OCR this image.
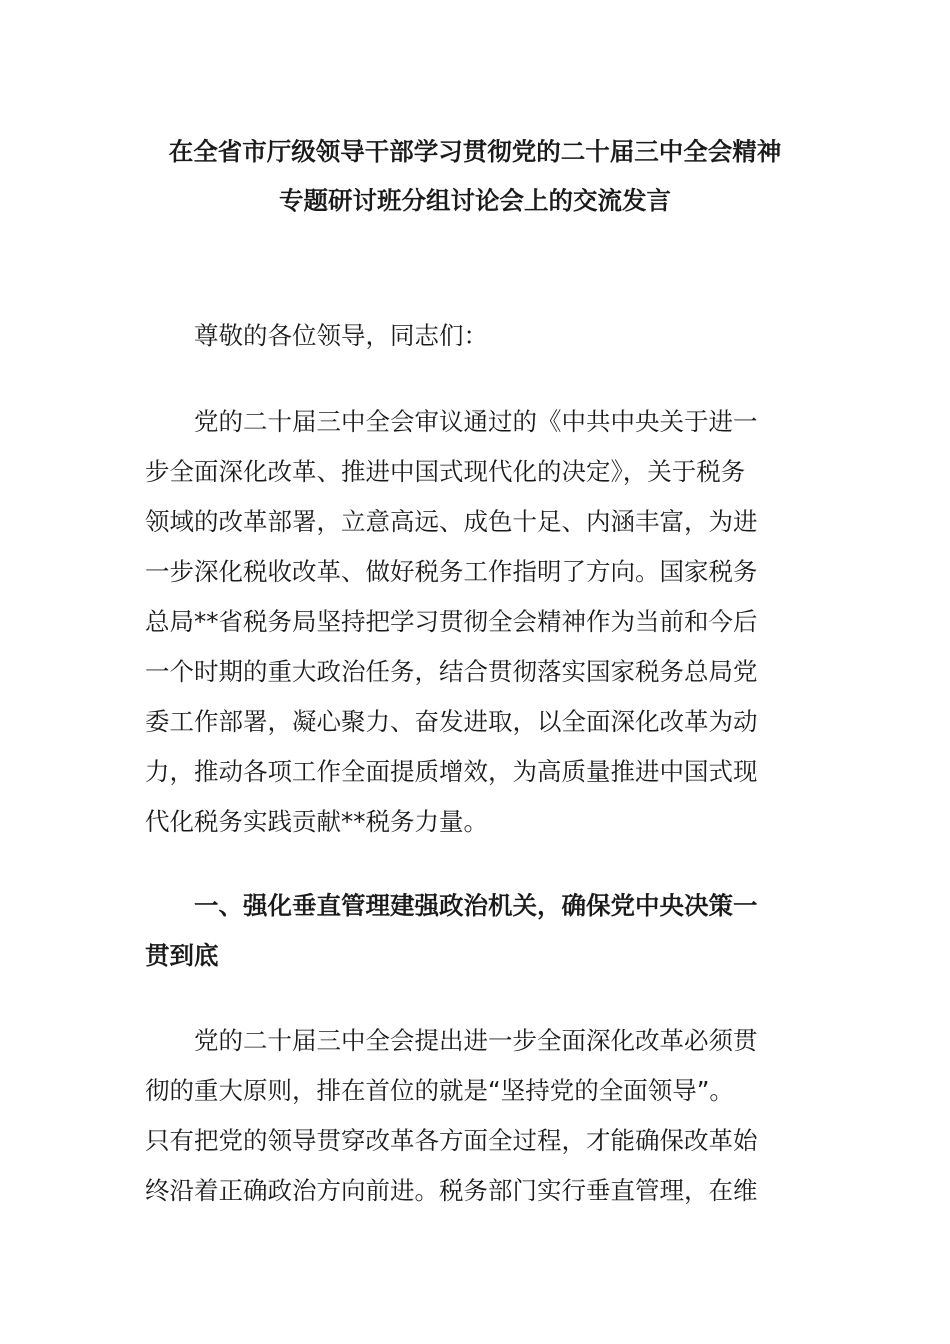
在全省市厅级领导干部学习贯彻党的二十届三中全会精神
专题研讨班分组讨论会上的交流发言
尊敬的各位领导，同志们：
党的二十届三中全会审议通过的《中共中央关于进一
步全面深化改革、推进中国式现代化的决定》，关于税务
领域的改革部署，立意高远、成色十足、内涵丰富，为进
一步深化税收改革、做好税务工作指明了方向。国家税务
总局**省税务局坚持把学习贯彻全会精神作为当前和今后
一个时期的重大政治任务，结合贯彻落实国家税务总局党
委工作部署，凝心聚力、奋发进取，以全面深化改革为动
力，推动各项工作全面提质增效，为高质量推进中国式现
代化税务实践贡献**税务力量。
一、强化垂直管理建强政治机关，确保党中央决策一
贯到底
党的二十届三中全会提出进一步全面深化改革必须贯
彻的重大原则，排在首位的就是“坚持党的全面领导”。
只有把党的领导贯穿改革各方面全过程，才能确保改革始
终沿着正确政治方向前进。税务部门实行垂直管理，在维
